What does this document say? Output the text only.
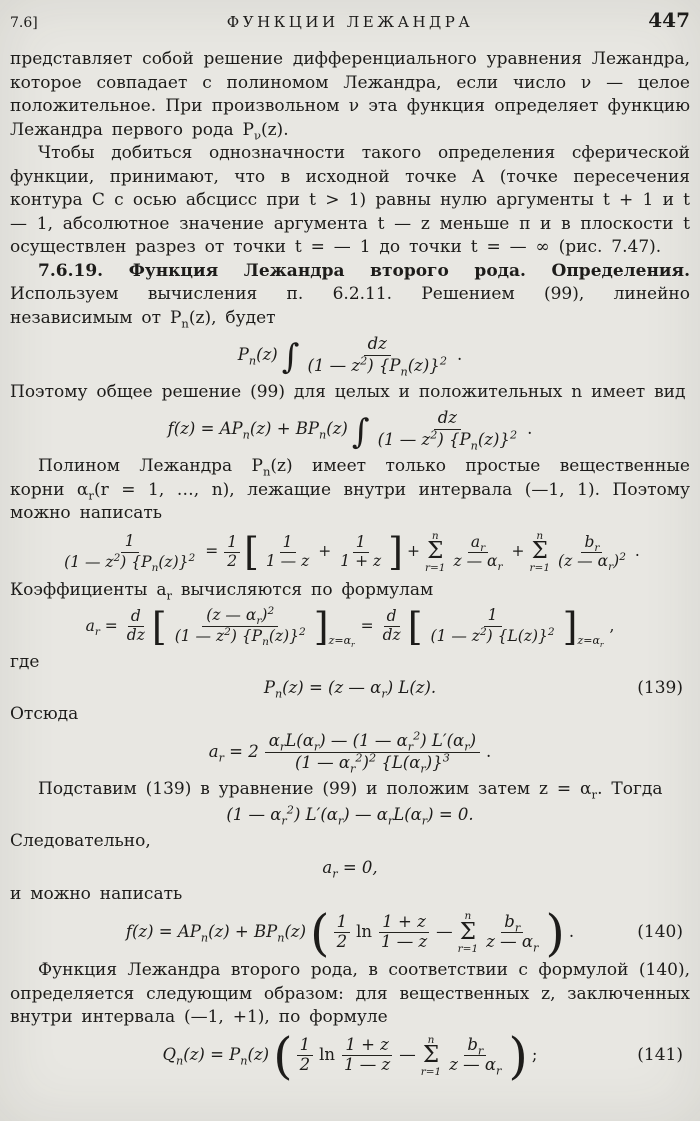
7.6]	ФУНКЦИИ ЛЕЖАНДРА	447

представляет собой решение дифференциального уравнения Лежандра, которое совпадает с полиномом Лежандра, если число ν — целое положительное. При произвольном ν эта функция определяет функцию Лежандра первого рода $P_\nu(z)$.

Чтобы добиться однозначности такого определения сферической функции, принимают, что в исходной точке A (точке пересечения контура C с осью абсцисс при t > 1) равны нулю аргументы t + 1 и t — 1, абсолютное значение аргумента t — z меньше π и в плоскости t осуществлен разрез от точки t = — 1 до точки t = — ∞ (рис. 7.47).

7.6.19. Функция Лежандра второго рода. Определения. Используем вычисления п. 6.2.11. Решением (99), линейно независимым от $P_n(z)$, будет

$P_n(z)$ ∫ $\frac{dz}{(1 — z^2) \{P_n(z)\}^2}$ .

Поэтому общее решение (99) для целых и положительных n имеет вид

$f(z) = AP_n(z) + BP_n(z)$ ∫ $\frac{dz}{(1 — z^2) \{P_n(z)\}^2}$ .

Полином Лежандра $P_n(z)$ имеет только простые вещественные корни $\alpha_r(r = 1$, …, n), лежащие внутри интервала (—1, 1). Поэтому можно написать

$\frac{1}{(1 — z^2) \{P_n(z)\}^2} = \frac{1}{2}$ [ $\frac{1}{1 — z} + \frac{1}{1 + z}$ ] +
n
Σ
$r=1 \frac{a_r}{z — \alpha_r}$ +
n
Σ
$r=1 \frac{b_r}{(z — \alpha_r)^2}$ .

Коэффициенты $a_r$ вычисляются по формулам

$a_r = \frac{d}{dz}$ [ $\frac{(z — \alpha_r)^2}{(1 — z^2) \{P_n(z)\}^2}$ ] $z=\alpha_r$
= $\frac{d}{dz}$ [ $\frac{1}{(1 — z^2) \{L(z)\}^2}$ ] $z=\alpha_r$
,

где

$P_n(z) = (z$ — $\alpha_r$) L(z).	(139)

Отсюда

$a_r = 2 \frac{\alpha_rL(\alpha_r) — (1 — \alpha_r^2) L'(\alpha_r)}{(1 — \alpha_r^2)^2 \{L(\alpha_r)\}^3}$ .

Подставим (139) в уравнение (99) и положим затем $z = \alpha_r$. Тогда

(1 — $\alpha_r^2$) $L'(\alpha_r)$ — $\alpha_rL(\alpha_r) = 0$.

Следовательно,

$a_r = 0$,

и можно написать

$f(z) = AP_n(z) + BP_n(z)$ ( $\frac{1}{2}$ $\ln \frac{1 + z}{1 — z}$ —
n
Σ
$r=1 \frac{b_r}{z — \alpha_r}$ ) .	(140)

Функция Лежандра второго рода, в соответствии с формулой (140), определяется следующим образом: для вещественных z, заключенных внутри интервала (—1, +1), по формуле

$Q_n(z) = P_n(z)$ ( $\frac{1}{2}$ $\ln \frac{1 + z}{1 — z}$ —
n
Σ
$r=1 \frac{b_r}{z — \alpha_r}$ ) ;	(141)
